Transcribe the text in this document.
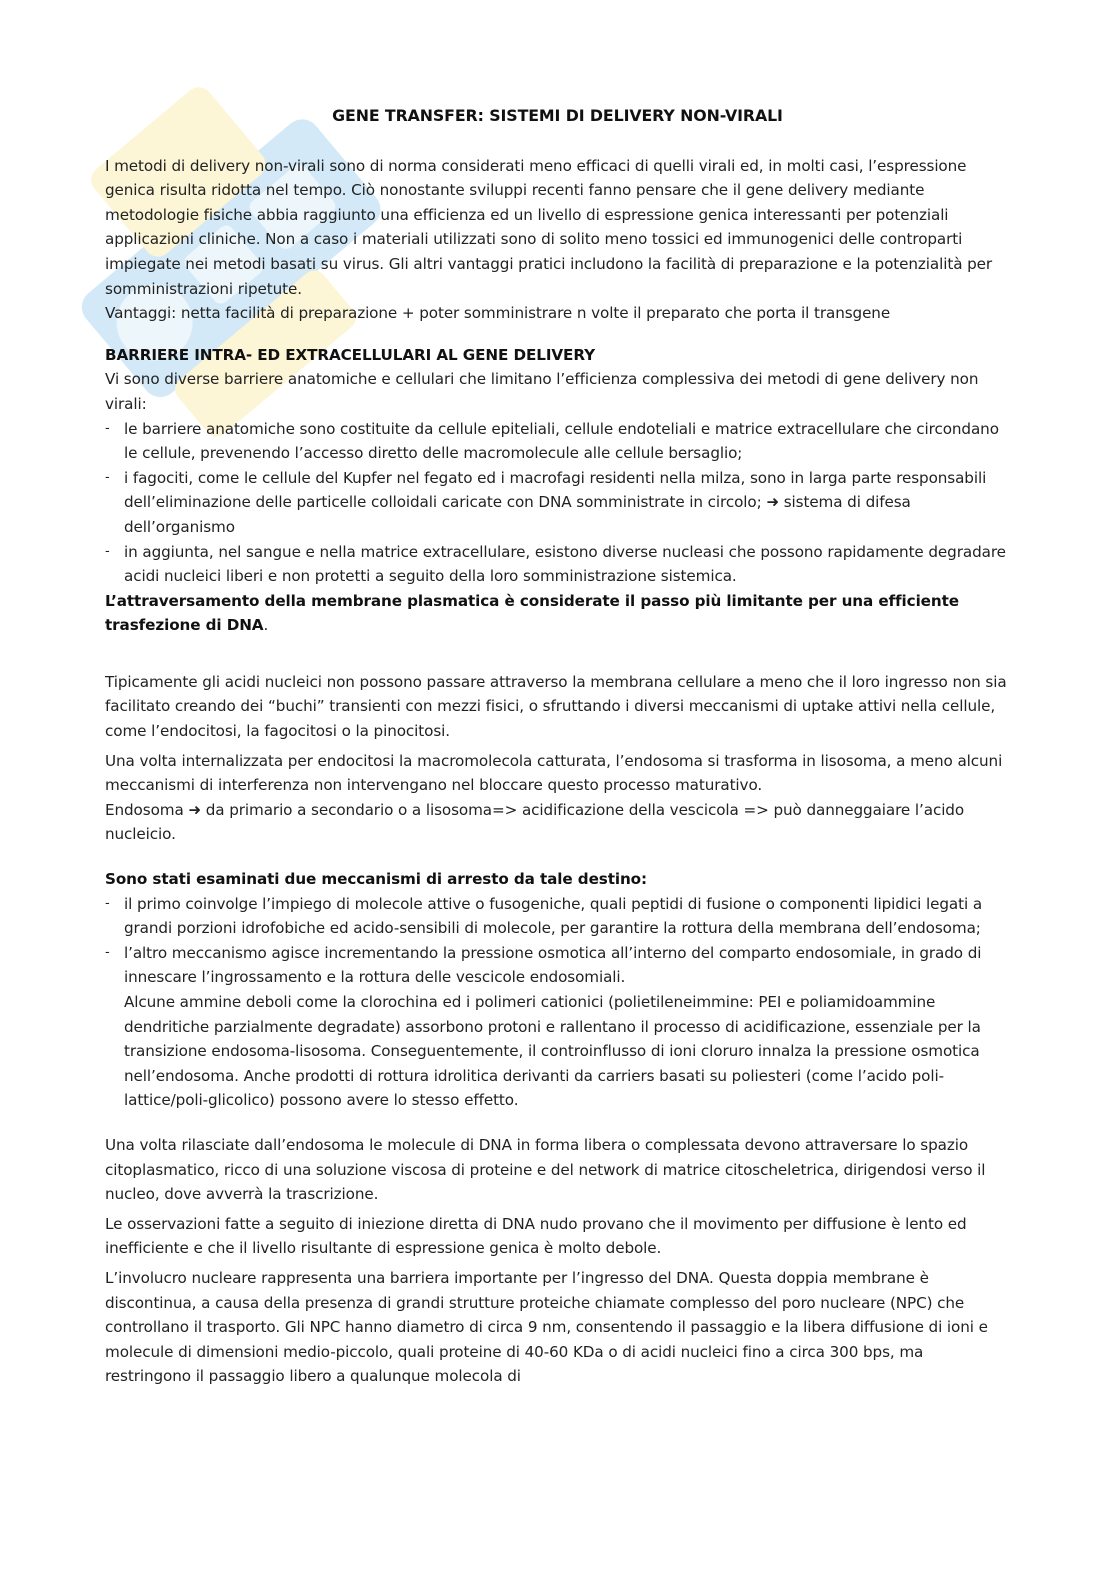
GENE TRANSFER: SISTEMI DI DELIVERY NON-VIRALI

I metodi di delivery non-virali sono di norma considerati meno efficaci di quelli virali ed, in molti casi, l’espressione genica risulta ridotta nel tempo. Ciò nonostante sviluppi recenti fanno pensare che il gene delivery mediante metodologie fisiche abbia raggiunto una efficienza ed un livello di espressione genica interessanti per potenziali applicazioni cliniche. Non a caso i materiali utilizzati sono di solito meno tossici ed immunogenici delle controparti impiegate nei metodi basati su virus. Gli altri vantaggi pratici includono la facilità di preparazione e la potenzialità per somministrazioni ripetute.

Vantaggi: netta facilità di preparazione + poter somministrare n volte il preparato che porta il transgene

BARRIERE INTRA- ED EXTRACELLULARI AL GENE DELIVERY

Vi sono diverse barriere anatomiche e cellulari che limitano l’efficienza complessiva dei metodi di gene delivery non virali:

- le barriere anatomiche sono costituite da cellule epiteliali, cellule endoteliali e matrice extracellulare che circondano le cellule, prevenendo l’accesso diretto delle macromolecule alle cellule bersaglio;
- i fagociti, come le cellule del Kupfer nel fegato ed i macrofagi residenti nella milza, sono in larga parte responsabili dell’eliminazione delle particelle colloidali caricate con DNA somministrate in circolo; ➜ sistema di difesa dell’organismo
- in aggiunta, nel sangue e nella matrice extracellulare, esistono diverse nucleasi che possono rapidamente degradare acidi nucleici liberi e non protetti a seguito della loro somministrazione sistemica.

L’attraversamento della membrane plasmatica è considerate il passo più limitante per una efficiente trasfezione di DNA.

Tipicamente gli acidi nucleici non possono passare attraverso la membrana cellulare a meno che il loro ingresso non sia facilitato creando dei “buchi” transienti con mezzi fisici, o sfruttando i diversi meccanismi di uptake attivi nella cellule, come l’endocitosi, la fagocitosi o la pinocitosi.

Una volta internalizzata per endocitosi la macromolecola catturata, l’endosoma si trasforma in lisosoma, a meno alcuni meccanismi di interferenza non intervengano nel bloccare questo processo maturativo.

Endosoma ➜ da primario a secondario o a lisosoma=> acidificazione della vescicola => può danneggaiare l’acido nucleicio.

Sono stati esaminati due meccanismi di arresto da tale destino:

- il primo coinvolge l’impiego di molecole attive o fusogeniche, quali peptidi di fusione o componenti lipidici legati a grandi porzioni idrofobiche ed acido-sensibili di molecole, per garantire la rottura della membrana dell’endosoma;
- l’altro meccanismo agisce incrementando la pressione osmotica all’interno del comparto endosomiale, in grado di innescare l’ingrossamento e la rottura delle vescicole endosomiali.
Alcune ammine deboli come la clorochina ed i polimeri cationici (polietileneimmine: PEI e poliamidoammine dendritiche parzialmente degradate) assorbono protoni e rallentano il processo di acidificazione, essenziale per la transizione endosoma-lisosoma. Conseguentemente, il controinflusso di ioni cloruro innalza la pressione osmotica nell’endosoma. Anche prodotti di rottura idrolitica derivanti da carriers basati su poliesteri (come l’acido poli-lattice/poli-glicolico) possono avere lo stesso effetto.

Una volta rilasciate dall’endosoma le molecule di DNA in forma libera o complessata devono attraversare lo spazio citoplasmatico, ricco di una soluzione viscosa di proteine e del network di matrice citoscheletrica, dirigendosi verso il nucleo, dove avverrà la trascrizione.

Le osservazioni fatte a seguito di iniezione diretta di DNA nudo provano che il movimento per diffusione è lento ed inefficiente e che il livello risultante di espressione genica è molto debole.

L’involucro nucleare rappresenta una barriera importante per l’ingresso del DNA. Questa doppia membrane è discontinua, a causa della presenza di grandi strutture proteiche chiamate complesso del poro nucleare (NPC) che controllano il trasporto. Gli NPC hanno diametro di circa 9 nm, consentendo il passaggio e la libera diffusione di ioni e molecule di dimensioni medio-piccolo, quali proteine di 40-60 KDa o di acidi nucleici fino a circa 300 bps, ma restringono il passaggio libero a qualunque molecola di
